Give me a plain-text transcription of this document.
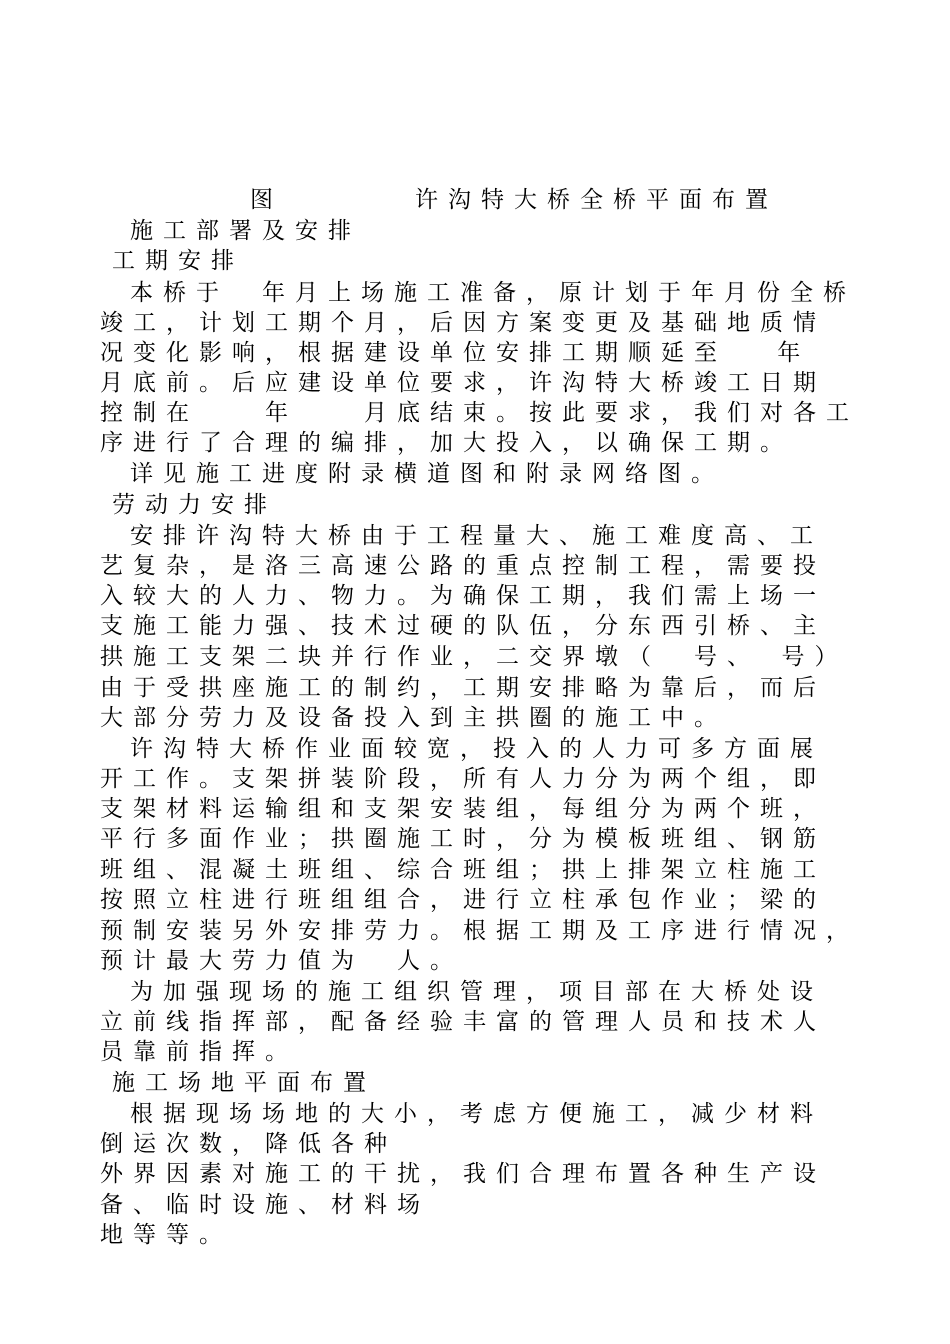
图　　　　许沟特大桥全桥平面布置
施工部署及安排
工期安排
本桥于　年月上场施工准备，原计划于年月份全桥
竣工，计划工期个月，后因方案变更及基础地质情
况变化影响，根据建设单位安排工期顺延至　 年
月底前。后应建设单位要求，许沟特大桥竣工日期
控制在　　年　　月底结束。按此要求，我们对各工
序进行了合理的编排，加大投入，以确保工期。
详见施工进度附录横道图和附录网络图。
劳动力安排
安排许沟特大桥由于工程量大、施工难度高、工
艺复杂，是洛三高速公路的重点控制工程，需要投
入较大的人力、物力。为确保工期，我们需上场一
支施工能力强、技术过硬的队伍，分东西引桥、主
拱施工支架二块并行作业，二交界墩（　号、　号）
由于受拱座施工的制约，工期安排略为靠后，而后
大部分劳力及设备投入到主拱圈的施工中。
许沟特大桥作业面较宽，投入的人力可多方面展
开工作。支架拼装阶段，所有人力分为两个组，即
支架材料运输组和支架安装组，每组分为两个班，
平行多面作业；拱圈施工时，分为模板班组、钢筋
班组、混凝土班组、综合班组；拱上排架立柱施工
按照立柱进行班组组合，进行立柱承包作业；梁的
预制安装另外安排劳力。根据工期及工序进行情况，
预计最大劳力值为　人。
为加强现场的施工组织管理，项目部在大桥处设
立前线指挥部，配备经验丰富的管理人员和技术人
员靠前指挥。
施工场地平面布置
根据现场场地的大小，考虑方便施工，减少材料
倒运次数，降低各种
外界因素对施工的干扰，我们合理布置各种生产设
备、临时设施、材料场
地等等。
